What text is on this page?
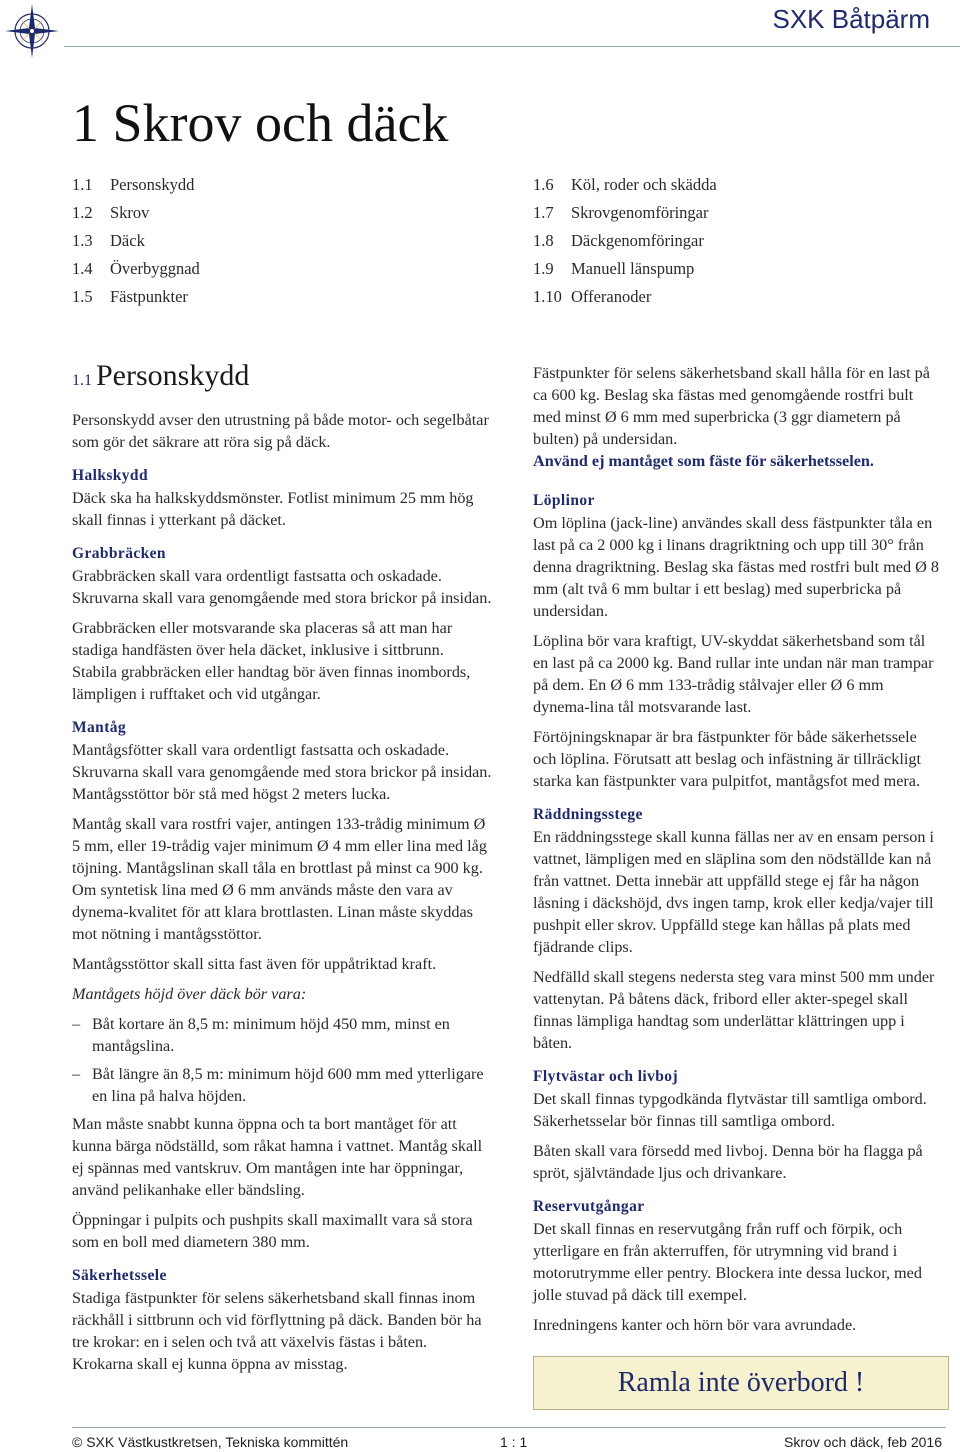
SXK Båtpärm
1 Skrov och däck
1.1 Personskydd
1.2 Skrov
1.3 Däck
1.4 Överbyggnad
1.5 Fästpunkter
1.6 Köl, roder och skädda
1.7 Skrovgenomföringar
1.8 Däckgenomföringar
1.9 Manuell länspump
1.10 Offeranoder
1.1 Personskydd

Personskydd avser den utrustning på både motor- och segelbåtar som gör det säkrare att röra sig på däck.

Halkskydd

Däck ska ha halkskyddsmönster. Fotlist minimum 25 mm hög skall finnas i ytterkant på däcket.

Grabbräcken

Grabbräcken skall vara ordentligt fastsatta och oskadade. Skruvarna skall vara genomgående med stora brickor på insidan.

Grabbräcken eller motsvarande ska placeras så att man har stadiga handfästen över hela däcket, inklusive i sittbrunn. Stabila grabbräcken eller handtag bör även finnas inombords, lämpligen i rufftaket och vid utgångar.

Mantåg

Mantågsfötter skall vara ordentligt fastsatta och oskadade. Skruvarna skall vara genomgående med stora brickor på insidan. Mantågsstöttor bör stå med högst 2 meters lucka.

Mantåg skall vara rostfri vajer, antingen 133-trådig minimum Ø 5 mm, eller 19-trådig vajer minimum Ø 4 mm eller lina med låg töjning. Mantågslinan skall tåla en brottlast på minst ca 900 kg. Om syntetisk lina med Ø 6 mm används måste den vara av dynema-kvalitet för att klara brottlasten. Linan måste skyddas mot nötning i mantågsstöttor.

Mantågsstöttor skall sitta fast även för uppåtriktad kraft.

Mantågets höjd över däck bör vara:

– Båt kortare än 8,5 m: minimum höjd 450 mm, minst en mantågslina.
– Båt längre än 8,5 m: minimum höjd 600 mm med ytterligare en lina på halva höjden.

Man måste snabbt kunna öppna och ta bort mantåget för att kunna bärga nödställd, som råkat hamna i vattnet. Mantåg skall ej spännas med vantskruv. Om mantågen inte har öppningar, använd pelikanhake eller bändsling.

Öppningar i pulpits och pushpits skall maximallt vara så stora som en boll med diametern 380 mm.

Säkerhetssele

Stadiga fästpunkter för selens säkerhetsband skall finnas inom räckhåll i sittbrunn och vid förflyttning på däck. Banden bör ha tre krokar: en i selen och två att växelvis fästas i båten. Krokarna skall ej kunna öppna av misstag.

Fästpunkter för selens säkerhetsband skall hålla för en last på ca 600 kg. Beslag ska fästas med genomgående rostfri bult med minst Ø 6 mm med superbricka (3 ggr diametern på bulten) på undersidan.

Använd ej mantåget som fäste för säkerhetsselen.

Löplinor

Om löplina (jack-line) användes skall dess fästpunkter tåla en last på ca 2 000 kg i linans dragriktning och upp till 30° från denna dragriktning. Beslag ska fästas med rostfri bult med Ø 8 mm (alt två 6 mm bultar i ett beslag) med superbricka på undersidan.

Löplina bör vara kraftigt, UV-skyddat säkerhetsband som tål en last på ca 2000 kg. Band rullar inte undan när man trampar på dem. En Ø 6 mm 133-trådig stålvajer eller Ø 6 mm dynema-lina tål motsvarande last.

Förtöjningsknapar är bra fästpunkter för både säkerhetssele och löplina. Förutsatt att beslag och infästning är tillräckligt starka kan fästpunkter vara pulpitfot, mantågsfot med mera.

Räddningsstege

En räddningsstege skall kunna fällas ner av en ensam person i vattnet, lämpligen med en släplina som den nödställde kan nå från vattnet. Detta innebär att uppfälld stege ej får ha någon låsning i däckshöjd, dvs ingen tamp, krok eller kedja/vajer till pushpit eller skrov. Uppfälld stege kan hållas på plats med fjädrande clips.

Nedfälld skall stegens nedersta steg vara minst 500 mm under vattenytan. På båtens däck, fribord eller akter-spegel skall finnas lämpliga handtag som underlättar klättringen upp i båten.

Flytvästar och livboj

Det skall finnas typgodkända flytvästar till samtliga ombord. Säkerhetsselar bör finnas till samtliga ombord.

Båten skall vara försedd med livboj. Denna bör ha flagga på spröt, självtändade ljus och drivankare.

Reservutgångar

Det skall finnas en reservutgång från ruff och förpik, och ytterligare en från akterruffen, för utrymning vid brand i motorutrymme eller pentry. Blockera inte dessa luckor, med jolle stuvad på däck till exempel.

Inredningens kanter och hörn bör vara avrundade.

Ramla inte överbord !
© SXK Västkustkretsen, Tekniska kommittén	1 : 1	Skrov och däck, feb 2016
